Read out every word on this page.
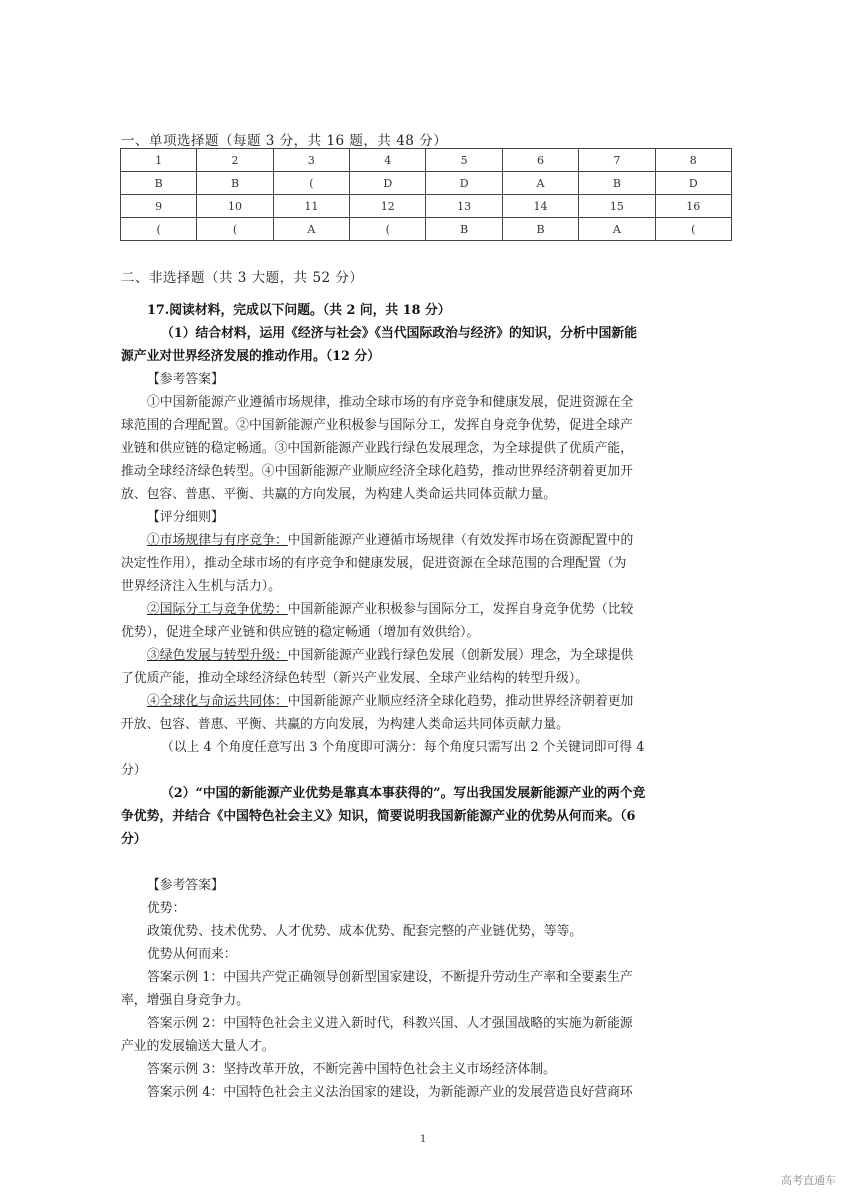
一、单项选择题（每题 3 分，共 16 题，共 48 分）
1	2	3	4	5	6	7	8
B	B	(	D	D	A	B	D
9	10	11	12	13	14	15	16
(	(	A	(	B	B	A	(
二、非选择题（共 3 大题，共 52 分）
17.阅读材料，完成以下问题。（共 2 问，共 18 分）
（1）结合材料，运用《经济与社会》《当代国际政治与经济》的知识，分析中国新能
源产业对世界经济发展的推动作用。（12 分）
【参考答案】
①中国新能源产业遵循市场规律，推动全球市场的有序竞争和健康发展，促进资源在全
球范围的合理配置。②中国新能源产业积极参与国际分工，发挥自身竞争优势，促进全球产
业链和供应链的稳定畅通。③中国新能源产业践行绿色发展理念，为全球提供了优质产能，
推动全球经济绿色转型。④中国新能源产业顺应经济全球化趋势，推动世界经济朝着更加开
放、包容、普惠、平衡、共赢的方向发展，为构建人类命运共同体贡献力量。
【评分细则】
①市场规律与有序竞争：中国新能源产业遵循市场规律（有效发挥市场在资源配置中的
决定性作用），推动全球市场的有序竞争和健康发展，促进资源在全球范围的合理配置（为
世界经济注入生机与活力）。
②国际分工与竞争优势：中国新能源产业积极参与国际分工，发挥自身竞争优势（比较
优势），促进全球产业链和供应链的稳定畅通（增加有效供给）。
③绿色发展与转型升级：中国新能源产业践行绿色发展（创新发展）理念，为全球提供
了优质产能，推动全球经济绿色转型（新兴产业发展、全球产业结构的转型升级）。
④全球化与命运共同体：中国新能源产业顺应经济全球化趋势，推动世界经济朝着更加
开放、包容、普惠、平衡、共赢的方向发展，为构建人类命运共同体贡献力量。
（以上 4 个角度任意写出 3 个角度即可满分：每个角度只需写出 2 个关键词即可得 4
分）
（2）“中国的新能源产业优势是靠真本事获得的”。写出我国发展新能源产业的两个竞
争优势，并结合《中国特色社会主义》知识，简要说明我国新能源产业的优势从何而来。（6
分）
【参考答案】
优势：
政策优势、技术优势、人才优势、成本优势、配套完整的产业链优势，等等。
优势从何而来：
答案示例 1：中国共产党正确领导创新型国家建设，不断提升劳动生产率和全要素生产
率，增强自身竞争力。
答案示例 2：中国特色社会主义进入新时代，科教兴国、人才强国战略的实施为新能源
产业的发展输送大量人才。
答案示例 3：坚持改革开放，不断完善中国特色社会主义市场经济体制。
答案示例 4：中国特色社会主义法治国家的建设，为新能源产业的发展营造良好营商环
1
高考直通车
